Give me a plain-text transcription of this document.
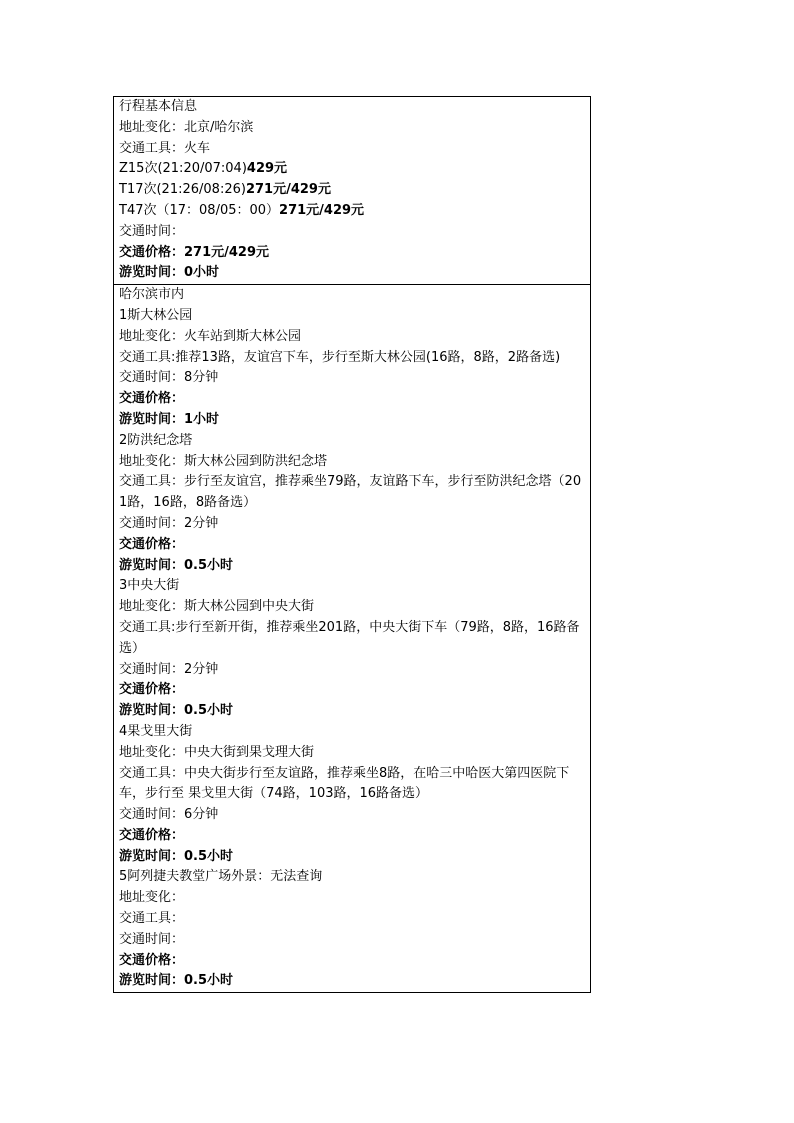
行程基本信息

地址变化：北京/哈尔滨

交通工具：火车

Z15次(21:20/07:04)429元

T17次(21:26/08:26)271元/429元

T47次（17：08/05：00）271元/429元

交通时间：

交通价格：271元/429元

游览时间：0小时

哈尔滨市内

1斯大林公园

地址变化：火车站到斯大林公园

交通工具:推荐13路，友谊宫下车，步行至斯大林公园(16路，8路，2路备选)

交通时间：8分钟

交通价格：

游览时间：1小时

2防洪纪念塔

地址变化：斯大林公园到防洪纪念塔

交通工具：步行至友谊宫，推荐乘坐79路，友谊路下车，步行至防洪纪念塔（201路，16路，8路备选）

交通时间：2分钟

交通价格：

游览时间：0.5小时

3中央大街

地址变化：斯大林公园到中央大街

交通工具:步行至新开街，推荐乘坐201路，中央大街下车（79路，8路，16路备选）

交通时间：2分钟

交通价格：

游览时间：0.5小时

4果戈里大街

地址变化：中央大街到果戈理大街

交通工具：中央大街步行至友谊路，推荐乘坐8路，在哈三中哈医大第四医院下车，步行至 果戈里大街（74路，103路，16路备选）

交通时间：6分钟

交通价格：

游览时间：0.5小时

5阿列捷夫教堂广场外景：无法查询

地址变化：

交通工具：

交通时间：

交通价格：

游览时间：0.5小时
